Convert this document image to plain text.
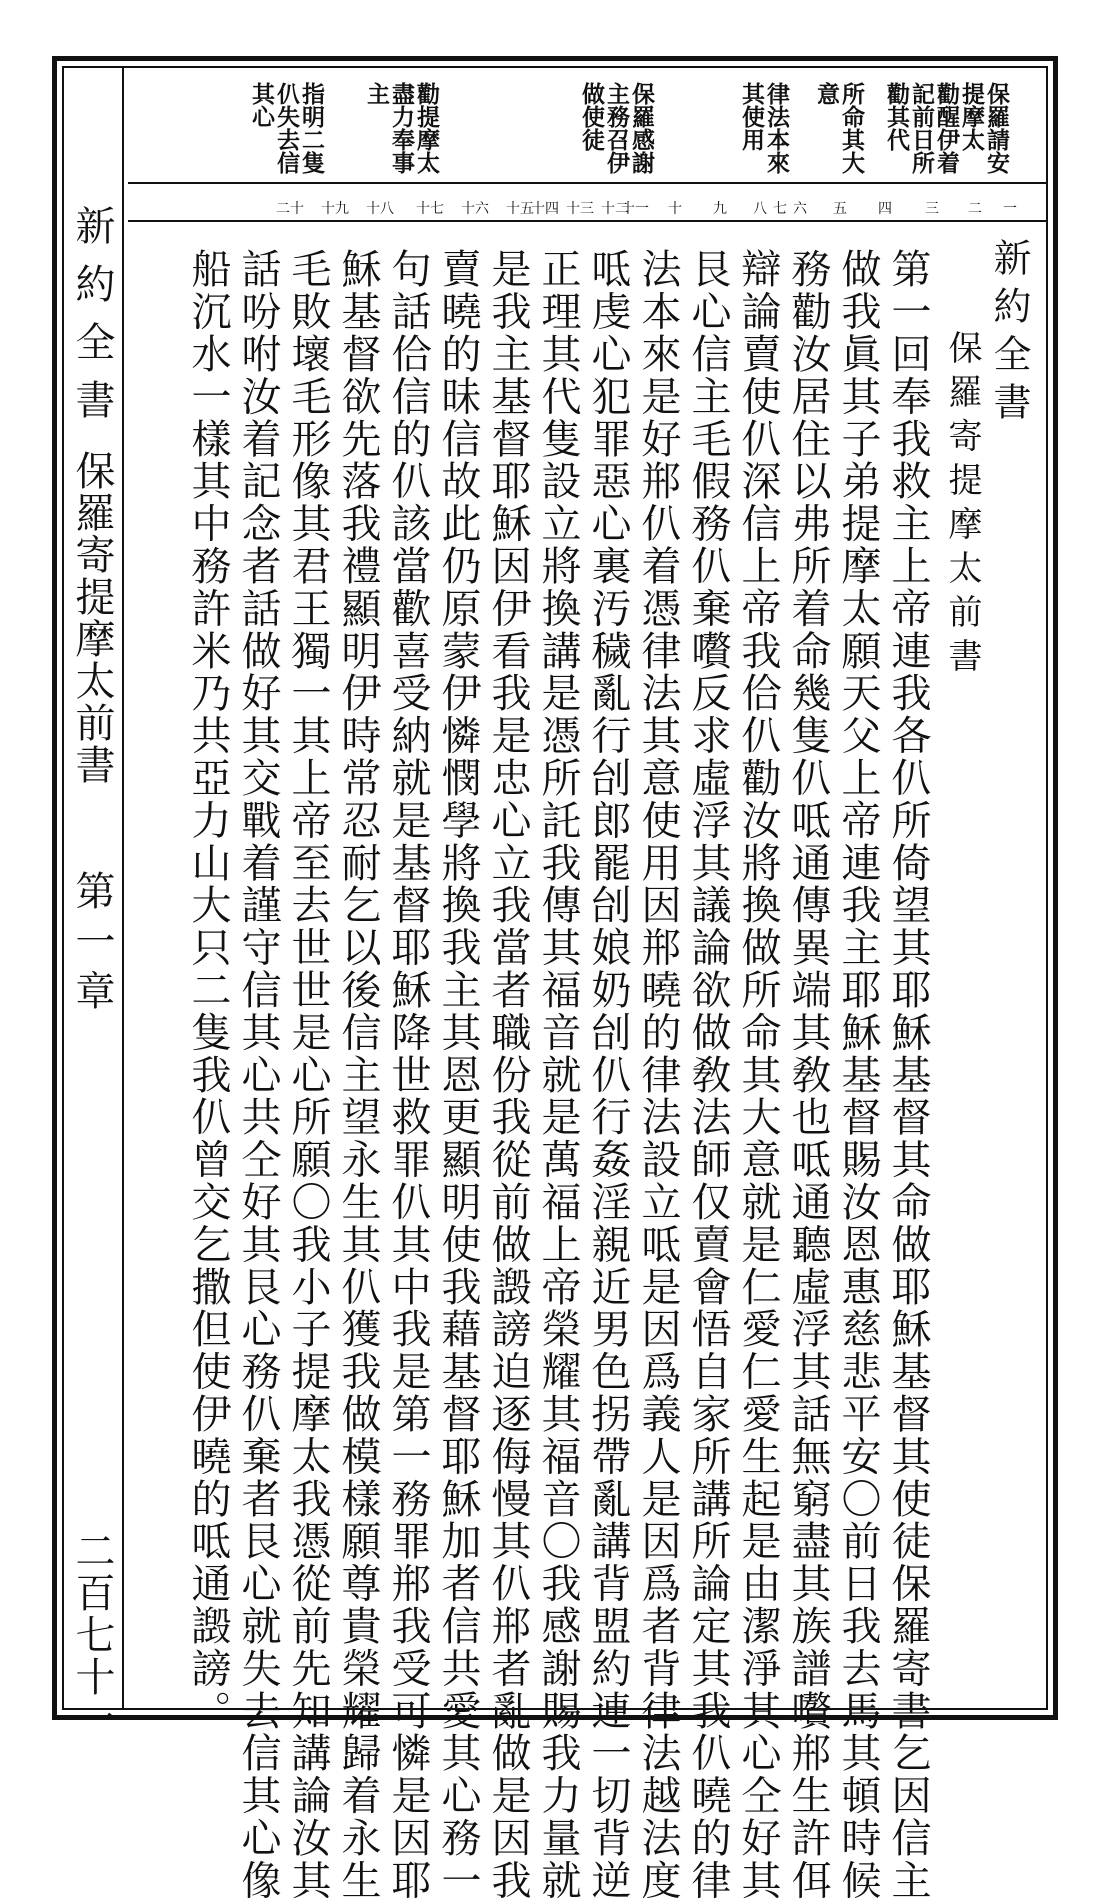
新約全書
保羅寄提摩太前書
第一章
二百七十一
保羅請安
提摩太
勸醒伊着
記前日所
勸其代
所命其大
意
律法本來
其使用
保羅感謝
主務召伊
做使徒
勸提摩太
盡力奉事
主
指明二隻
仈失去信
其心
一
二
三
四
五
六
七
八
九
十
十一
十二
十三
十四
十五
十六
十七
十八
十九
二十
新約全書
保羅寄提摩太前書
第一回奉我救主上帝連我各仈所倚望其耶穌基督其命做耶穌基督其使徒保羅寄書乞因信主
做我眞其子弟提摩太願天父上帝連我主耶穌基督賜汝恩惠慈悲平安〇前日我去馬其頓時候
務勸汝居住以弗所着命幾隻仈呧通傳異端其敎也呧通聽虛浮其話無窮盡其族譜嚽郱生許佴
辯論賣使仈深信上帝我佮仈勸汝將換做所命其大意就是仁愛仁愛生起是由潔淨其心仝好其
艮心信主毛假務仈棄嚽反求虛浮其議論欲做敎法師仅賣會悟自家所講所論定其我仈曉的律
法本來是好郱仈着憑律法其意使用因郱曉的律法設立呧是因爲義人是因爲者背律法越法度
呧虔心犯罪惡心裏汚穢亂行刣郎罷刣娘奶刣仈行姦淫親近男色拐帶亂講背盟約連一切背逆
正理其代隻設立將換講是憑所託我傳其福音就是萬福上帝榮耀其福音〇我感謝賜我力量就
是我主基督耶穌因伊看我是忠心立我當者職份我從前做譭謗迫逐侮慢其仈郱者亂做是因我
賣曉的昧信故此仍原蒙伊憐憫學將換我主其恩更顯明使我藉基督耶穌加者信共愛其心務一
句話佮信的仈該當歡喜受納就是基督耶穌降世救罪仈其中我是第一務罪郱我受可憐是因耶
穌基督欲先落我禮顯明伊時常忍耐乞以後信主望永生其仈獲我做模樣願尊貴榮耀歸着永生
毛敗壞毛形像其君王獨一其上帝至去世世是心所願〇我小子提摩太我憑從前先知講論汝其
話吩咐汝着記念者話做好其交戰着謹守信其心共仝好其艮心務仈棄者艮心就失去信其心像
船沉水一樣其中務許米乃共亞力山大只二隻我仈曾交乞撒但使伊曉的呧通譭謗。
